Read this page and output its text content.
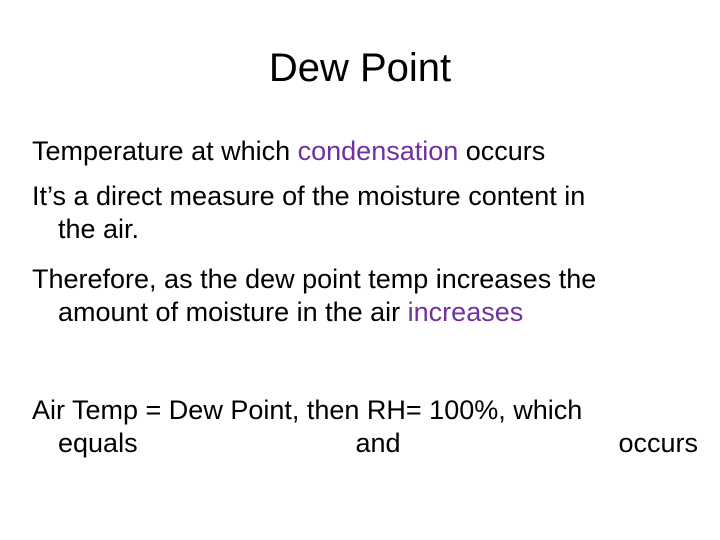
Dew Point
Temperature at which condensation occurs
It’s a direct measure of the moisture content in
the air.
Therefore, as the dew point temp increases the
amount of moisture in the air increases
Air Temp = Dew Point, then RH= 100%, which
equals	and	occurs
